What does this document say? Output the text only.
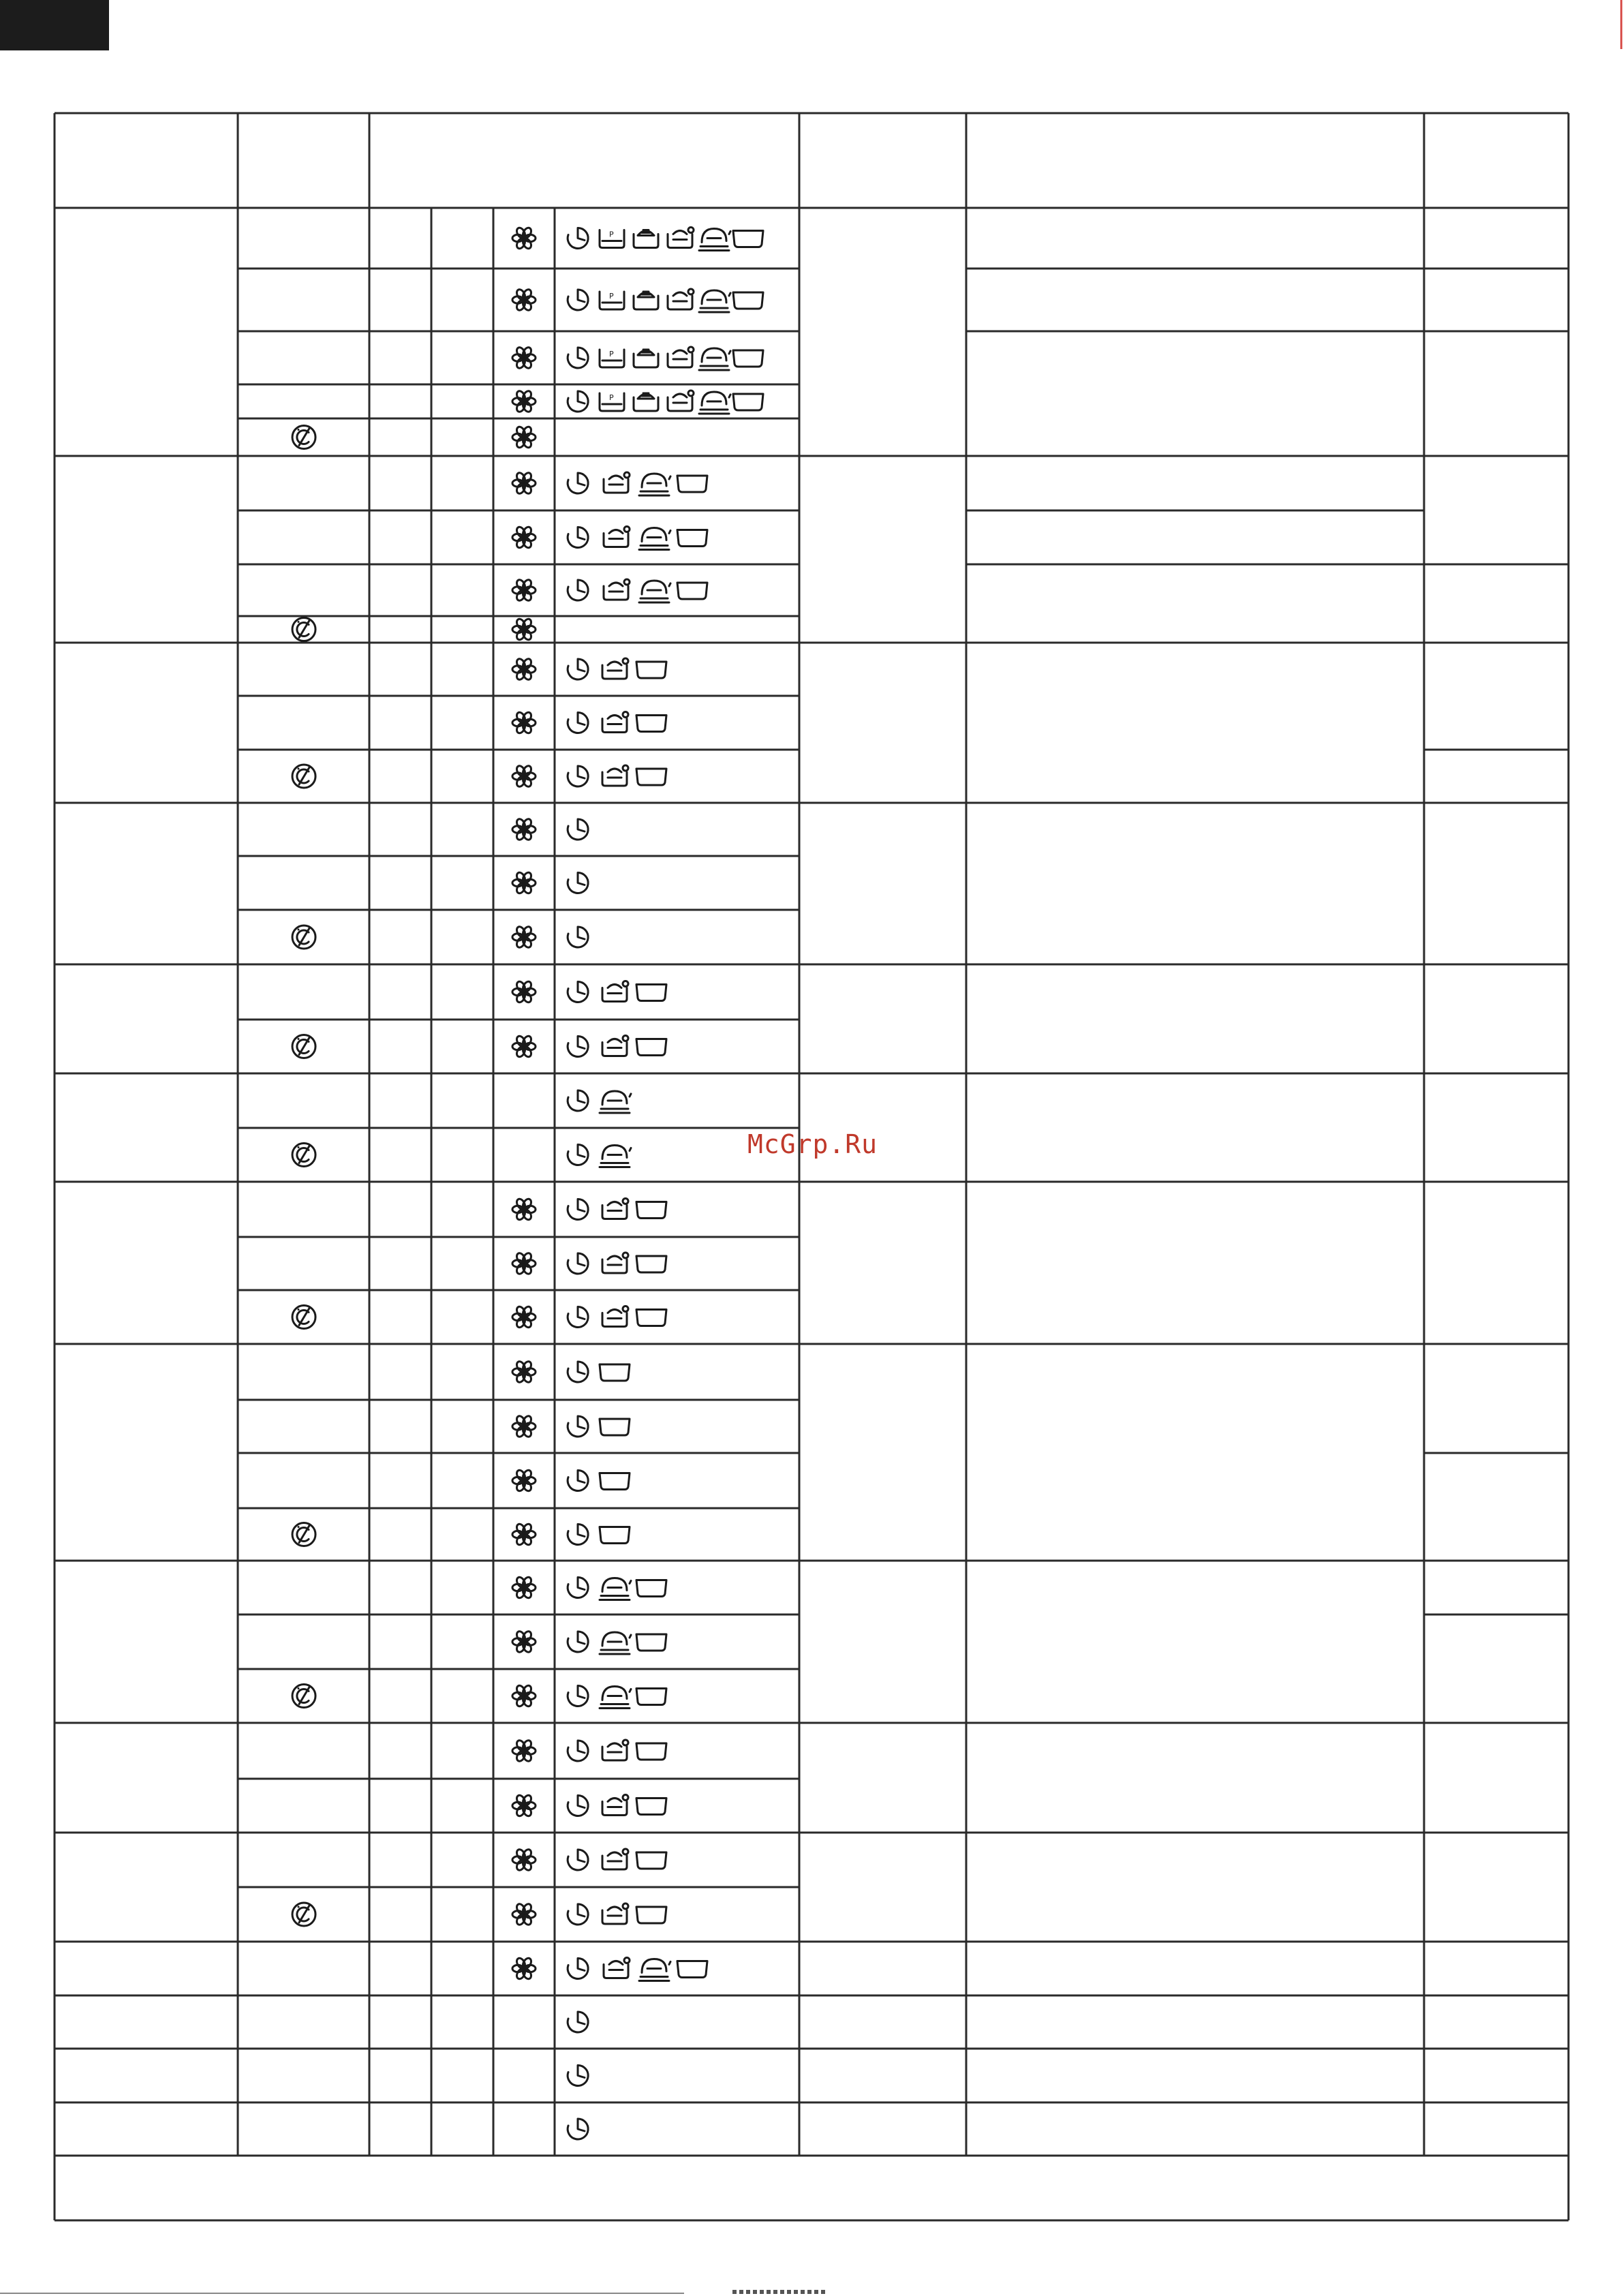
P
P
P
P
McGrp.Ru
